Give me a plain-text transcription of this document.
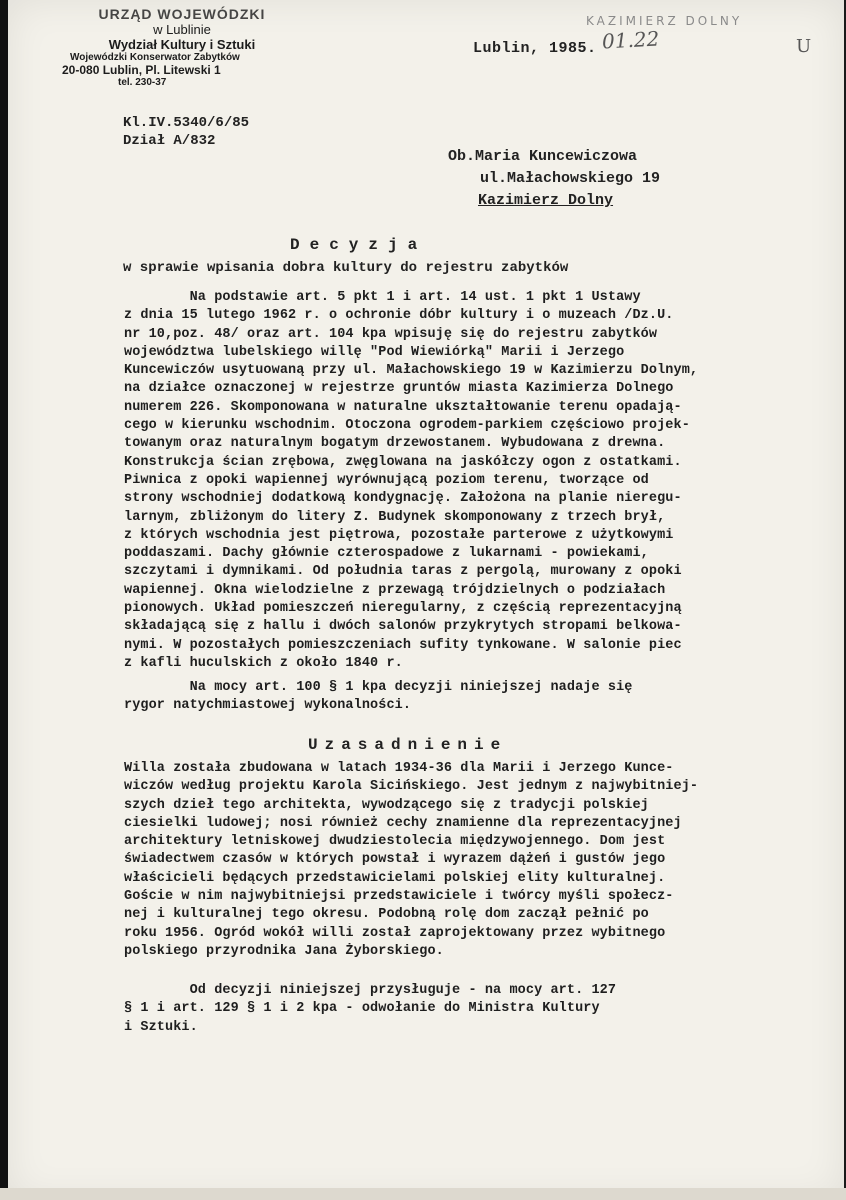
URZĄD WOJEWÓDZKI
w Lublinie
Wydział Kultury i Sztuki
Wojewódzki Konserwator Zabytków
20-080 Lublin, Pl. Litewski 1
tel. 230-37
Kl.IV.5340/6/85
Dział A/832
KAZIMIERZ DOLNY
U
Lublin, 1985. 01.22
Ob.Maria Kuncewiczowa
ul.Małachowskiego 19
Kazimierz Dolny
Decyzja
w sprawie wpisania dobra kultury do rejestru zabytków
Na podstawie art. 5 pkt 1 i art. 14 ust. 1 pkt 1 Ustawy
z dnia 15 lutego 1962 r. o ochronie dóbr kultury i o muzeach /Dz.U.
nr 10,poz. 48/ oraz art. 104 kpa wpisuję się do rejestru zabytków
województwa lubelskiego willę "Pod Wiewiórką" Marii i Jerzego
Kuncewiczów usytuowaną przy ul. Małachowskiego 19 w Kazimierzu Dolnym,
na działce oznaczonej w rejestrze gruntów miasta Kazimierza Dolnego
numerem 226. Skomponowana w naturalne ukształtowanie terenu opadają-
cego w kierunku wschodnim. Otoczona ogrodem-parkiem częściowo projek-
towanym oraz naturalnym bogatym drzewostanem. Wybudowana z drewna.
Konstrukcja ścian zrębowa, zwęglowana na jaskółczy ogon z ostatkami.
Piwnica z opoki wapiennej wyrównującą poziom terenu, tworzące od
strony wschodniej dodatkową kondygnację. Założona na planie nieregu-
larnym, zbliżonym do litery Z. Budynek skomponowany z trzech brył,
z których wschodnia jest piętrowa, pozostałe parterowe z użytkowymi
poddaszami. Dachy głównie czterospadowe z lukarnami - powiekami,
szczytami i dymnikami. Od południa taras z pergolą, murowany z opoki
wapiennej. Okna wielodzielne z przewagą trójdzielnych o podziałach
pionowych. Układ pomieszczeń nieregularny, z częścią reprezentacyjną
składającą się z hallu i dwóch salonów przykrytych stropami belkowa-
nymi. W pozostałych pomieszczeniach sufity tynkowane. W salonie piec
z kafli huculskich z około 1840 r.
Na mocy art. 100 § 1 kpa decyzji niniejszej nadaje się
rygor natychmiastowej wykonalności.
Uzasadnienie
Willa została zbudowana w latach 1934-36 dla Marii i Jerzego Kunce-
wiczów według projektu Karola Sicińskiego. Jest jednym z najwybitniej-
szych dzieł tego architekta, wywodzącego się z tradycji polskiej
ciesielki ludowej; nosi również cechy znamienne dla reprezentacyjnej
architektury letniskowej dwudziestolecia międzywojennego. Dom jest
świadectwem czasów w których powstał i wyrazem dążeń i gustów jego
właścicieli będących przedstawicielami polskiej elity kulturalnej.
Goście w nim najwybitniejsi przedstawiciele i twórcy myśli społecz-
nej i kulturalnej tego okresu. Podobną rolę dom zaczął pełnić po
roku 1956. Ogród wokół willi został zaprojektowany przez wybitnego
polskiego przyrodnika Jana Żyborskiego.
Od decyzji niniejszej przysługuje - na mocy art. 127
§ 1 i art. 129 § 1 i 2 kpa - odwołanie do Ministra Kultury
i Sztuki.
